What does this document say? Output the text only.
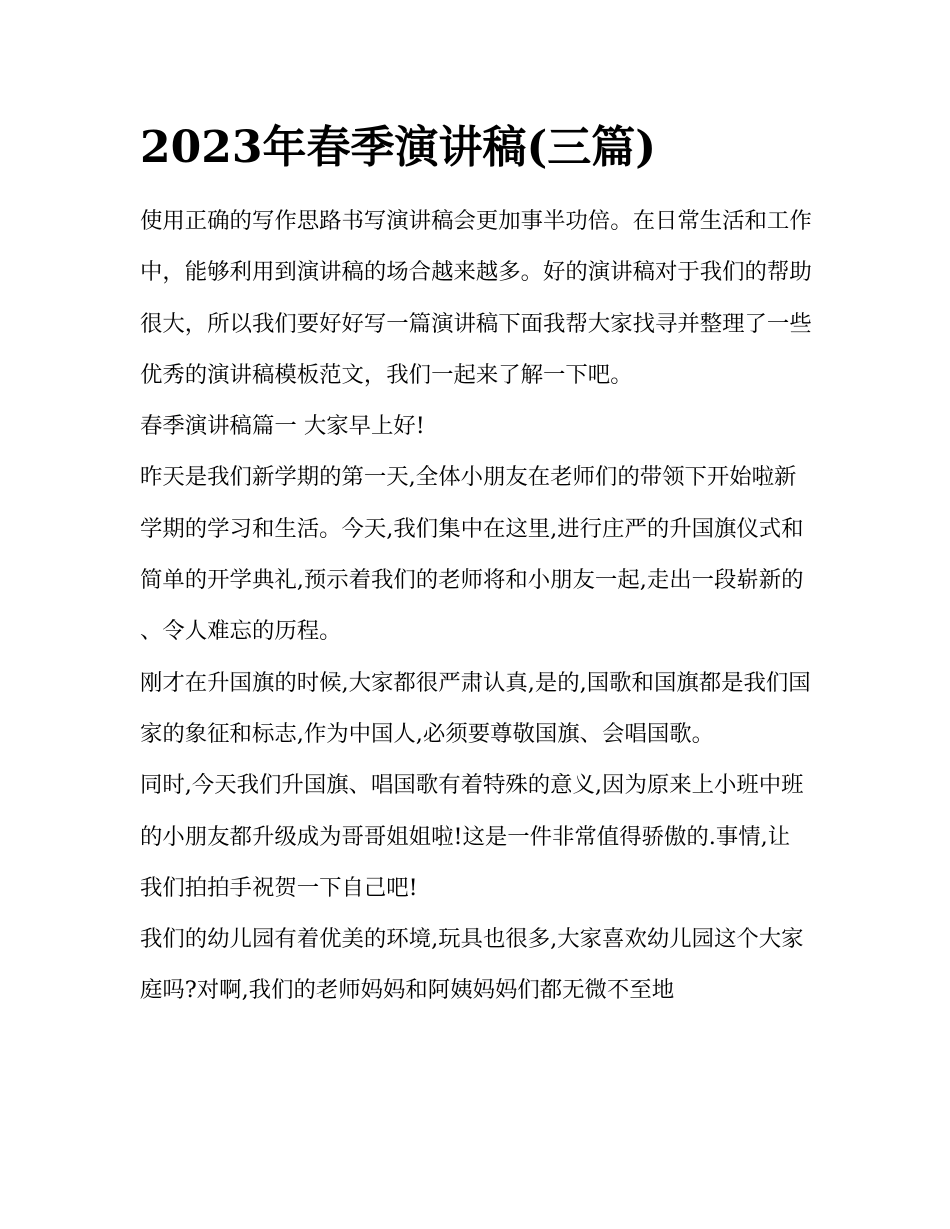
2023年春季演讲稿(三篇)

使用正确的写作思路书写演讲稿会更加事半功倍。在日常生活和工作中，能够利用到演讲稿的场合越来越多。好的演讲稿对于我们的帮助很大，所以我们要好好写一篇演讲稿下面我帮大家找寻并整理了一些优秀的演讲稿模板范文，我们一起来了解一下吧。

春季演讲稿篇一 大家早上好!

昨天是我们新学期的第一天,全体小朋友在老师们的带领下开始啦新学期的学习和生活。今天,我们集中在这里,进行庄严的升国旗仪式和简单的开学典礼,预示着我们的老师将和小朋友一起,走出一段崭新的、令人难忘的历程。

刚才在升国旗的时候,大家都很严肃认真,是的,国歌和国旗都是我们国家的象征和标志,作为中国人,必须要尊敬国旗、会唱国歌。

同时,今天我们升国旗、唱国歌有着特殊的意义,因为原来上小班中班的小朋友都升级成为哥哥姐姐啦!这是一件非常值得骄傲的.事情,让我们拍拍手祝贺一下自己吧!

我们的幼儿园有着优美的环境,玩具也很多,大家喜欢幼儿园这个大家庭吗?对啊,我们的老师妈妈和阿姨妈妈们都无微不至地
